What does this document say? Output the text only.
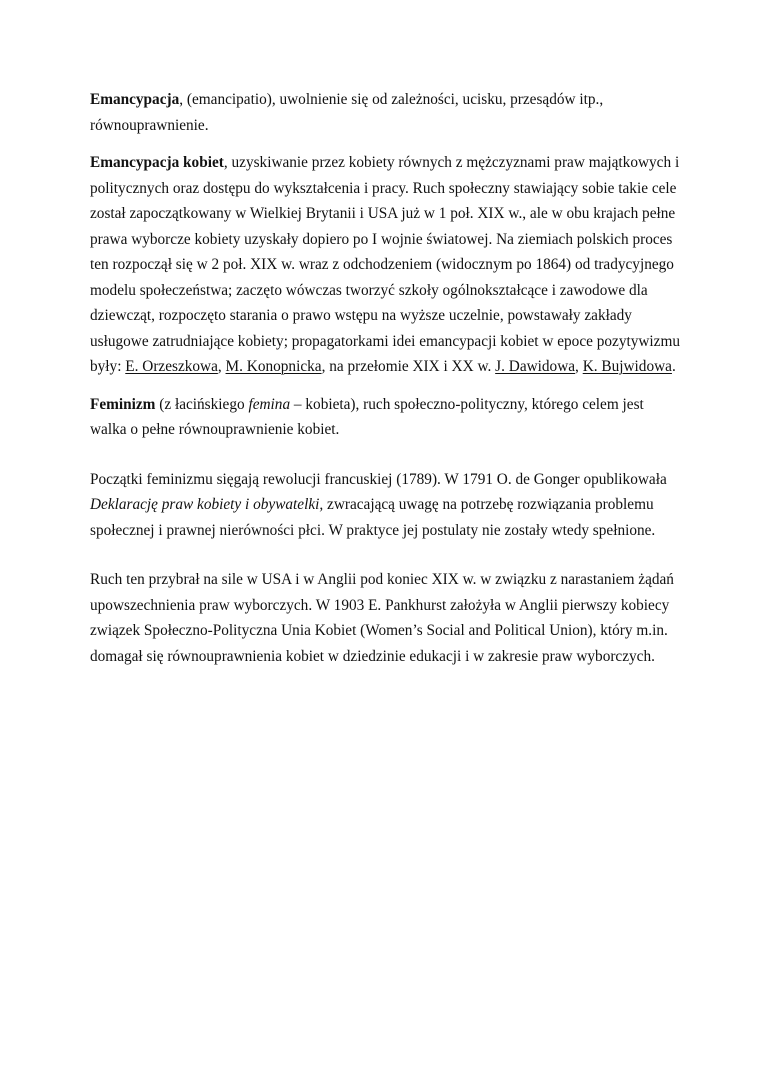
Emancypacja, (emancipatio), uwolnienie się od zależności, ucisku, przesądów itp., równouprawnienie.

Emancypacja kobiet, uzyskiwanie przez kobiety równych z mężczyznami praw majątkowych i politycznych oraz dostępu do wykształcenia i pracy. Ruch społeczny stawiający sobie takie cele został zapoczątkowany w Wielkiej Brytanii i USA już w 1 poł. XIX w., ale w obu krajach pełne prawa wyborcze kobiety uzyskały dopiero po I wojnie światowej. Na ziemiach polskich proces ten rozpoczął się w 2 poł. XIX w. wraz z odchodzeniem (widocznym po 1864) od tradycyjnego modelu społeczeństwa; zaczęto wówczas tworzyć szkoły ogólnokształcące i zawodowe dla dziewcząt, rozpoczęto starania o prawo wstępu na wyższe uczelnie, powstawały zakłady usługowe zatrudniające kobiety; propagatorkami idei emancypacji kobiet w epoce pozytywizmu były: E. Orzeszkowa, M. Konopnicka, na przełomie XIX i XX w. J. Dawidowa, K. Bujwidowa.

Feminizm (z łacińskiego femina – kobieta), ruch społeczno-polityczny, którego celem jest walka o pełne równouprawnienie kobiet.

Początki feminizmu sięgają rewolucji francuskiej (1789). W 1791 O. de Gonger opublikowała Deklarację praw kobiety i obywatelki, zwracającą uwagę na potrzebę rozwiązania problemu społecznej i prawnej nierówności płci. W praktyce jej postulaty nie zostały wtedy spełnione.

Ruch ten przybrał na sile w USA i w Anglii pod koniec XIX w. w związku z narastaniem żądań upowszechnienia praw wyborczych. W 1903 E. Pankhurst założyła w Anglii pierwszy kobiecy związek Społeczno-Polityczna Unia Kobiet (Women’s Social and Political Union), który m.in. domagał się równouprawnienia kobiet w dziedzinie edukacji i w zakresie praw wyborczych.
